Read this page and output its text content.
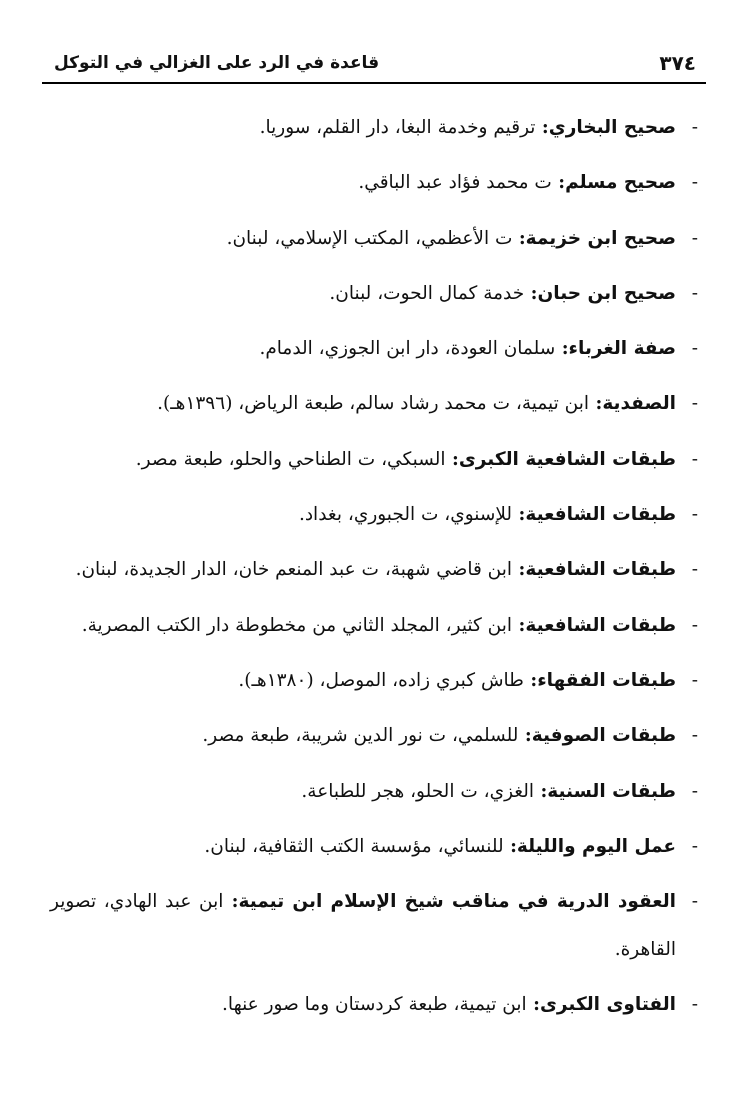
٣٧٤
قاعدة في الرد على الغزالي في التوكل
-
صحيح البخاري: ترقيم وخدمة البغا، دار القلم، سوريا.
-
صحيح مسلم: ت محمد فؤاد عبد الباقي.
-
صحيح ابن خزيمة: ت الأعظمي، المكتب الإسلامي، لبنان.
-
صحيح ابن حبان: خدمة كمال الحوت، لبنان.
-
صفة الغرباء: سلمان العودة، دار ابن الجوزي، الدمام.
-
الصفدية: ابن تيمية، ت محمد رشاد سالم، طبعة الرياض، (١٣٩٦هـ).
-
طبقات الشافعية الكبرى: السبكي، ت الطناحي والحلو، طبعة مصر.
-
طبقات الشافعية: للإسنوي، ت الجبوري، بغداد.
-
طبقات الشافعية: ابن قاضي شهبة، ت عبد المنعم خان، الدار الجديدة، لبنان.
-
طبقات الشافعية: ابن كثير، المجلد الثاني من مخطوطة دار الكتب المصرية.
-
طبقات الفقهاء: طاش كبري زاده، الموصل، (١٣٨٠هـ).
-
طبقات الصوفية: للسلمي، ت نور الدين شريبة، طبعة مصر.
-
طبقات السنية: الغزي، ت الحلو، هجر للطباعة.
-
عمل اليوم والليلة: للنسائي، مؤسسة الكتب الثقافية، لبنان.
-
العقود الدرية في مناقب شيخ الإسلام ابن تيمية: ابن عبد الهادي، تصوير القاهرة.
-
الفتاوى الكبرى: ابن تيمية، طبعة كردستان وما صور عنها.
